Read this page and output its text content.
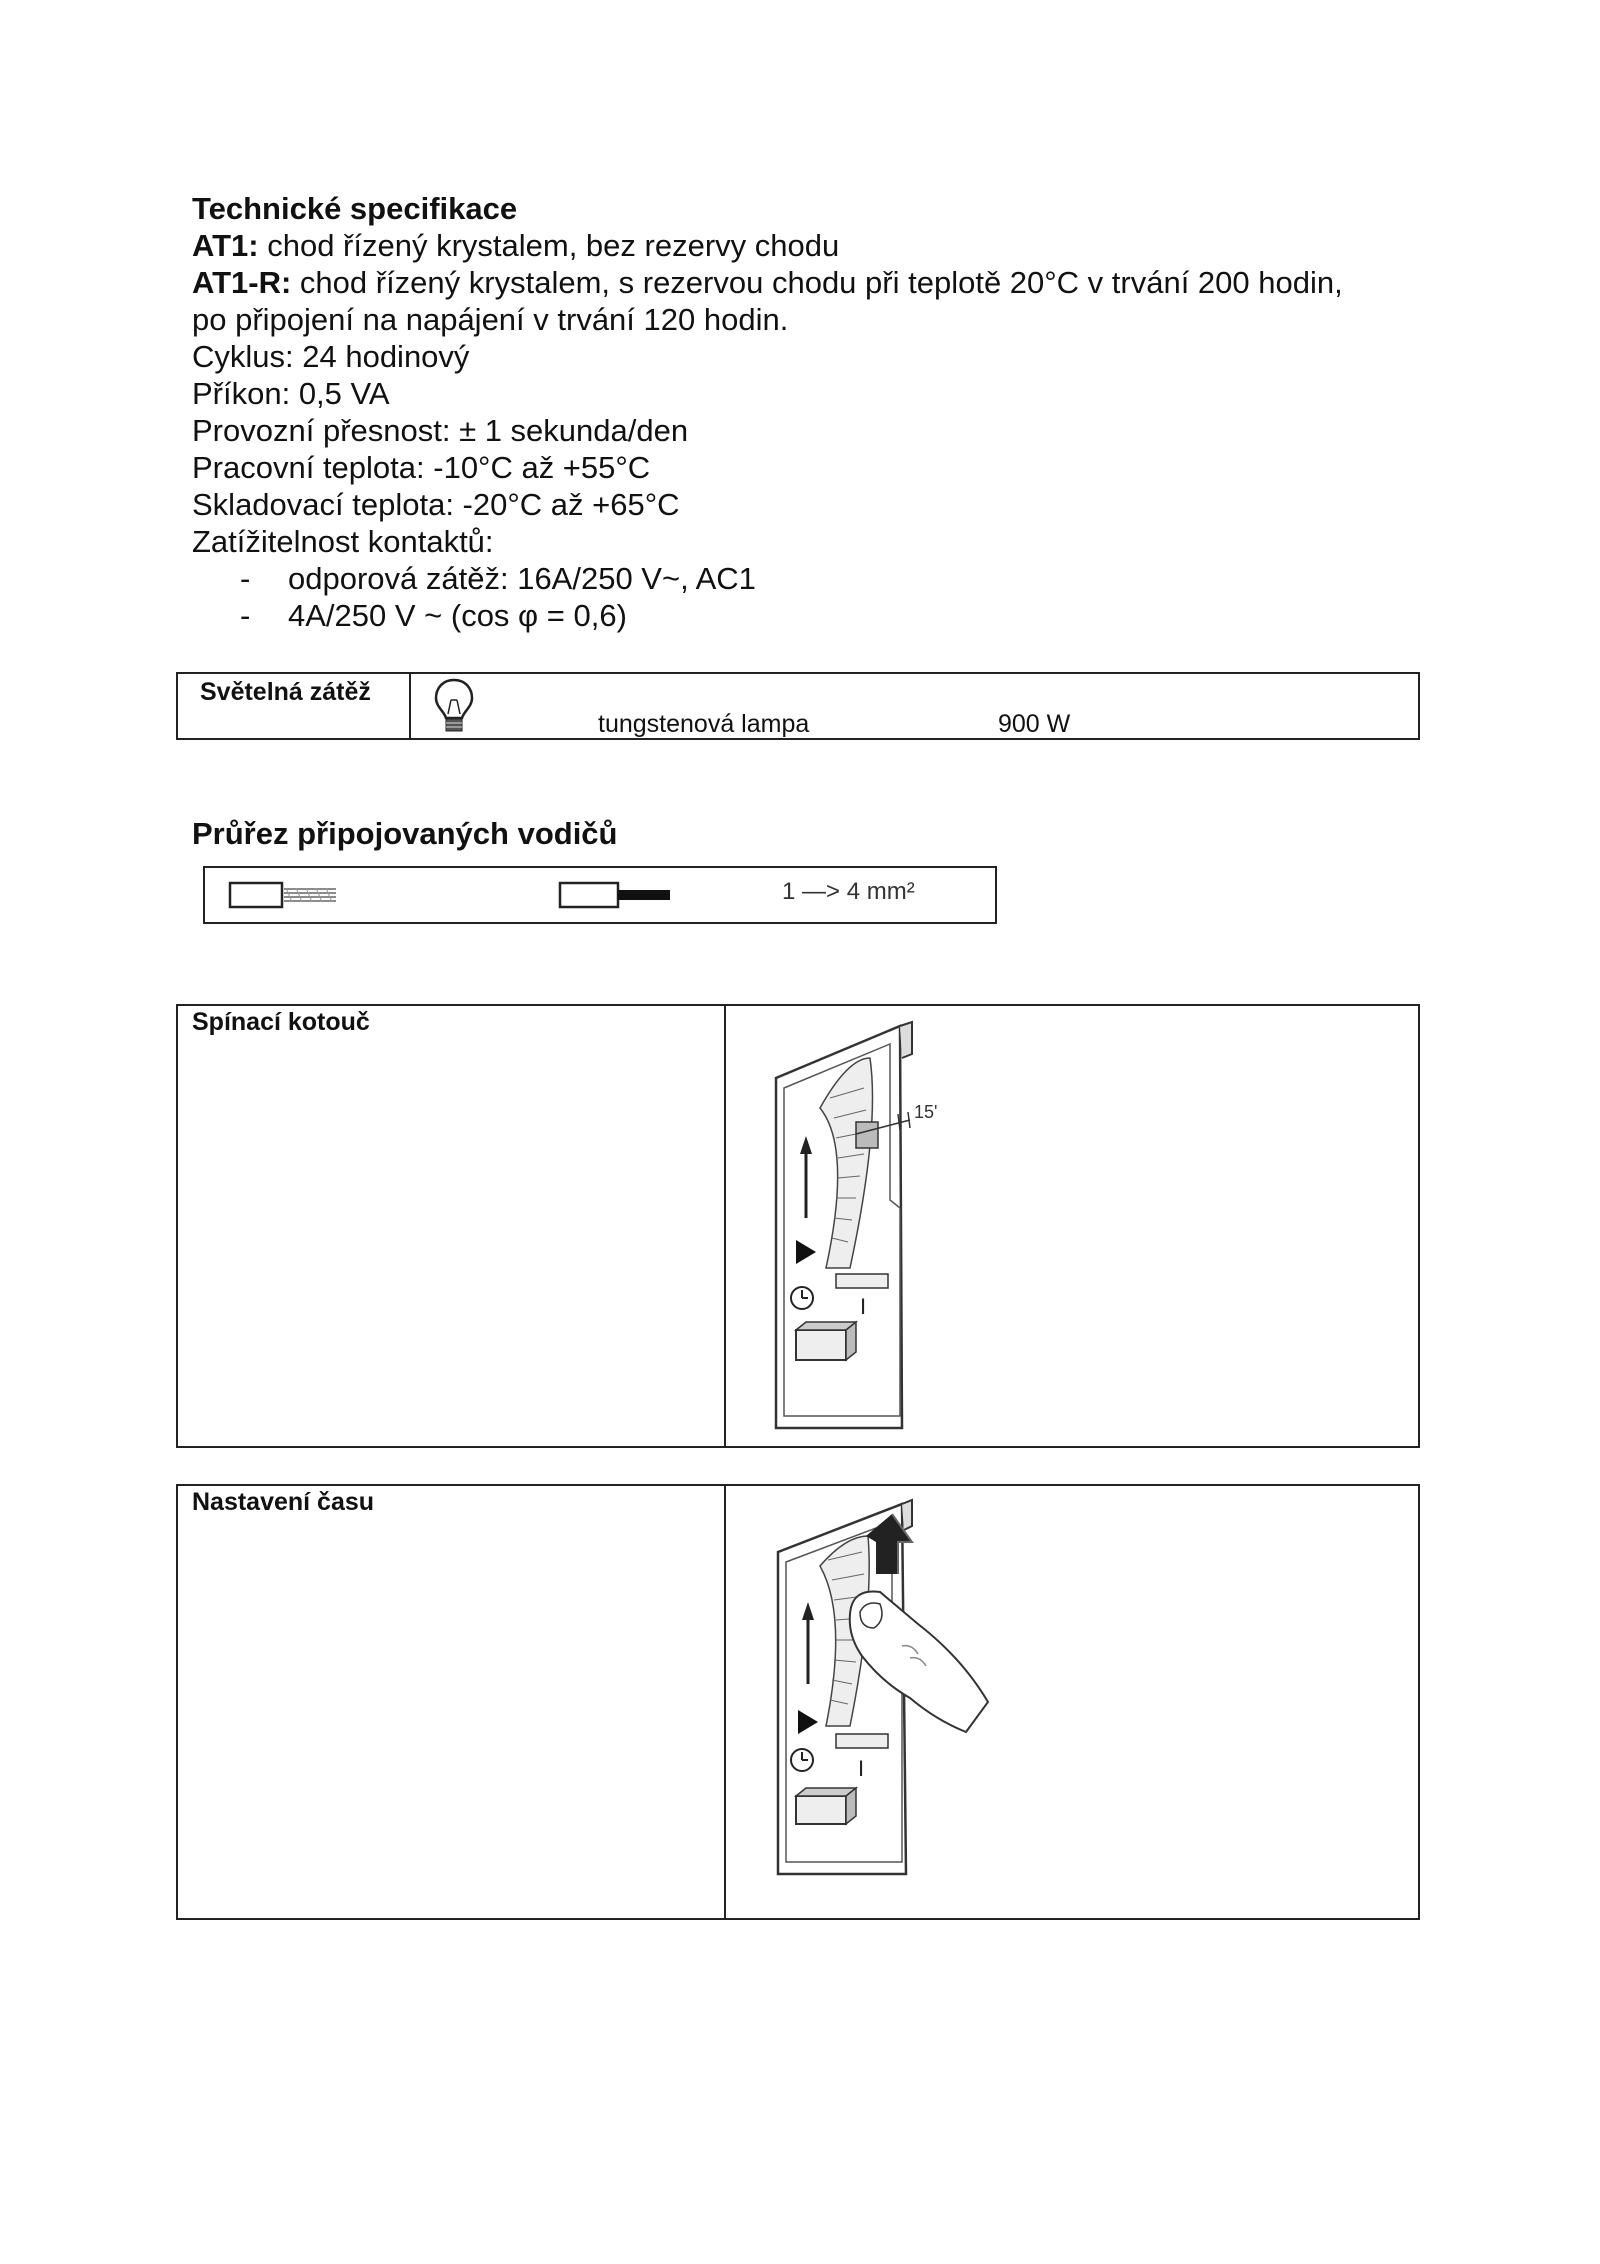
Technické specifikace
AT1: chod řízený krystalem, bez rezervy chodu
AT1-R: chod řízený krystalem, s rezervou chodu při teplotě 20°C v trvání 200 hodin,
po připojení na napájení v trvání 120 hodin.
Cyklus: 24 hodinový
Příkon: 0,5 VA
Provozní přesnost: ± 1 sekunda/den
Pracovní teplota: -10°C až +55°C
Skladovací teplota: -20°C až +65°C
Zatížitelnost kontaktů:
- odporová zátěž: 16A/250 V~, AC1
- 4A/250 V ~ (cos φ = 0,6)
Světelná zátěž
tungstenová lampa	900 W
Průřez připojovaných vodičů
1 —> 4 mm²
Spínací kotouč
15'
I
Nastavení času
I
